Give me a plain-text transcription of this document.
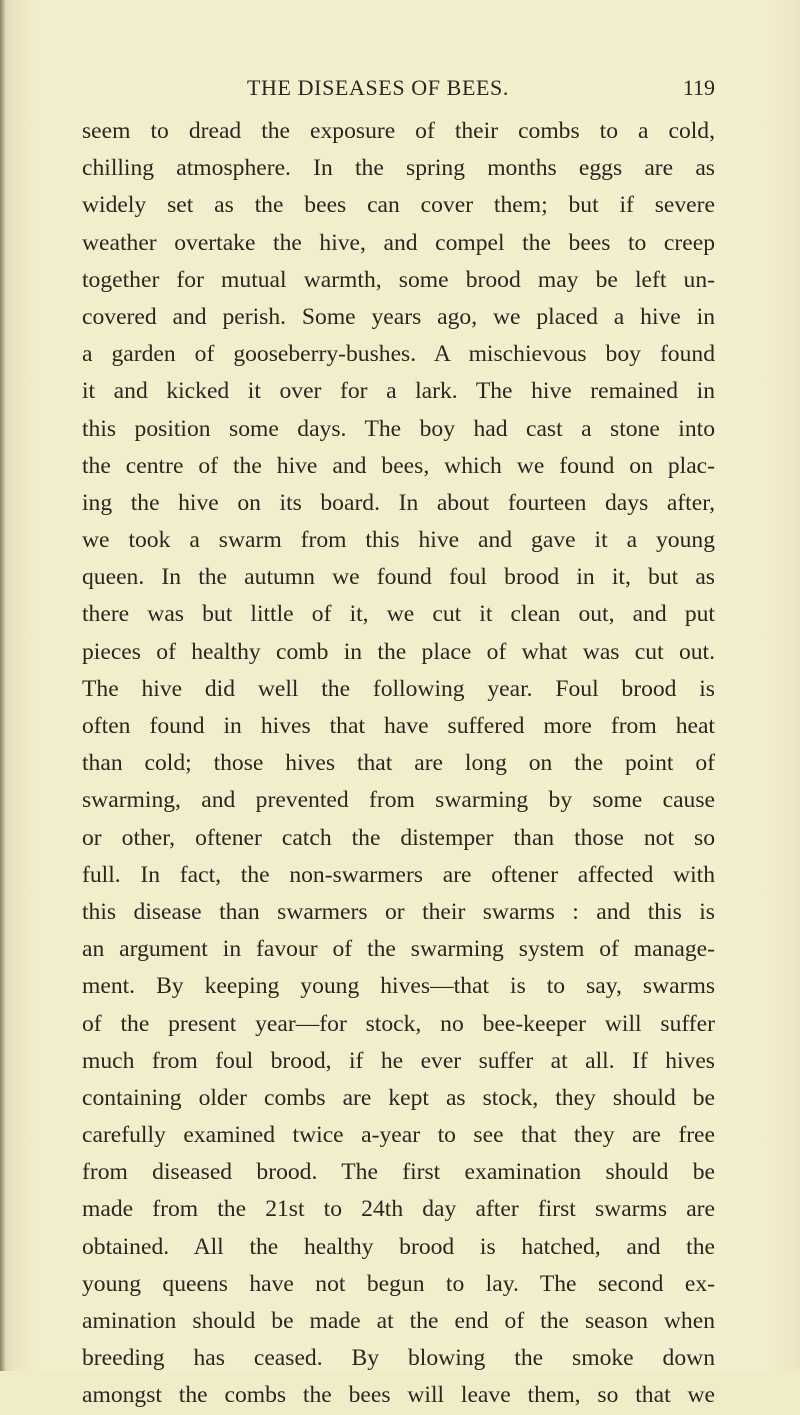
THE DISEASES OF BEES.	119
seem to dread the exposure of their combs to a cold,
chilling atmosphere. In the spring months eggs are as
widely set as the bees can cover them; but if severe
weather overtake the hive, and compel the bees to creep
together for mutual warmth, some brood may be left un-
covered and perish. Some years ago, we placed a hive in
a garden of gooseberry-bushes. A mischievous boy found
it and kicked it over for a lark. The hive remained in
this position some days. The boy had cast a stone into
the centre of the hive and bees, which we found on plac-
ing the hive on its board. In about fourteen days after,
we took a swarm from this hive and gave it a young
queen. In the autumn we found foul brood in it, but as
there was but little of it, we cut it clean out, and put
pieces of healthy comb in the place of what was cut out.
The hive did well the following year. Foul brood is
often found in hives that have suffered more from heat
than cold; those hives that are long on the point of
swarming, and prevented from swarming by some cause
or other, oftener catch the distemper than those not so
full. In fact, the non-swarmers are oftener affected with
this disease than swarmers or their swarms : and this is
an argument in favour of the swarming system of manage-
ment. By keeping young hives—that is to say, swarms
of the present year—for stock, no bee-keeper will suffer
much from foul brood, if he ever suffer at all. If hives
containing older combs are kept as stock, they should be
carefully examined twice a-year to see that they are free
from diseased brood. The first examination should be
made from the 21st to 24th day after first swarms are
obtained. All the healthy brood is hatched, and the
young queens have not begun to lay. The second ex-
amination should be made at the end of the season when
breeding has ceased. By blowing the smoke down
amongst the combs the bees will leave them, so that we
